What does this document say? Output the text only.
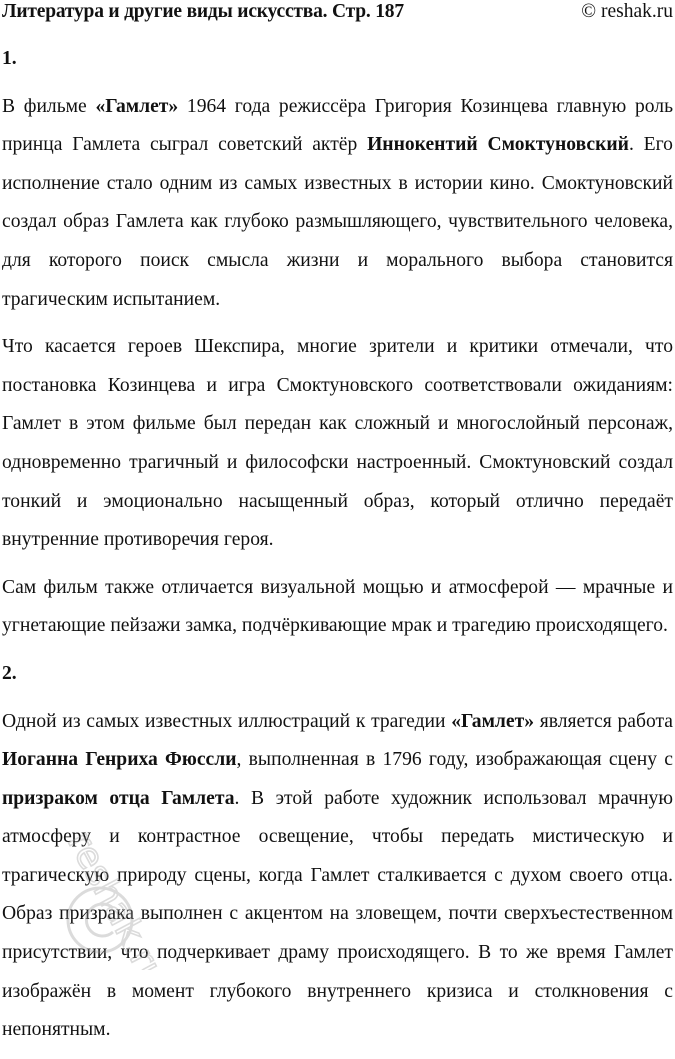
Литература и другие виды искусства. Стр. 187	© reshak.ru
1.

В фильме «Гамлет» 1964 года режиссёра Григория Козинцева главную роль принца Гамлета сыграл советский актёр Иннокентий Смоктуновский. Его исполнение стало одним из самых известных в истории кино. Смоктуновский создал образ Гамлета как глубоко размышляющего, чувствительного человека, для которого поиск смысла жизни и морального выбора становится трагическим испытанием.

Что касается героев Шекспира, многие зрители и критики отмечали, что постановка Козинцева и игра Смоктуновского соответствовали ожиданиям: Гамлет в этом фильме был передан как сложный и многослойный персонаж, одновременно трагичный и философски настроенный. Смоктуновский создал тонкий и эмоционально насыщенный образ, который отлично передаёт внутренние противоречия героя.

Сам фильм также отличается визуальной мощью и атмосферой — мрачные и угнетающие пейзажи замка, подчёркивающие мрак и трагедию происходящего.

2.

Одной из самых известных иллюстраций к трагедии «Гамлет» является работа Иоганна Генриха Фюссли, выполненная в 1796 году, изображающая сцену с призраком отца Гамлета. В этой работе художник использовал мрачную атмосферу и контрастное освещение, чтобы передать мистическую и трагическую природу сцены, когда Гамлет сталкивается с духом своего отца. Образ призрака выполнен с акцентом на зловещем, почти сверхъестественном присутствии, что подчеркивает драму происходящего. В то же время Гамлет изображён в момент глубокого внутреннего кризиса и столкновения с непонятным.

reshak.ru
